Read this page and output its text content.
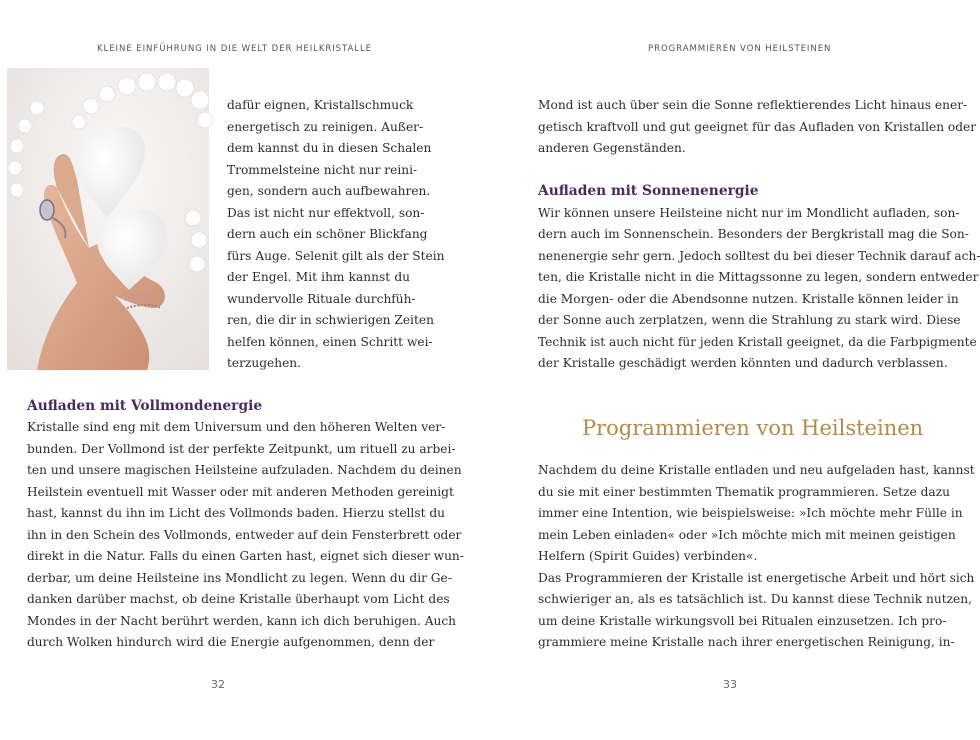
KLEINE EINFÜHRUNG IN DIE WELT DER HEILKRISTALLE
dafür eignen, Kristallschmuck
energetisch zu reinigen. Außer-
dem kannst du in diesen Schalen
Trommelsteine nicht nur reini-
gen, sondern auch aufbewahren.
Das ist nicht nur effektvoll, son-
dern auch ein schöner Blickfang
fürs Auge. Selenit gilt als der Stein
der Engel. Mit ihm kannst du
wundervolle Rituale durchfüh-
ren, die dir in schwierigen Zeiten
helfen können, einen Schritt wei-
terzugehen.
Aufladen mit Vollmondenergie
Kristalle sind eng mit dem Universum und den höheren Welten ver-
bunden. Der Vollmond ist der perfekte Zeitpunkt, um rituell zu arbei-
ten und unsere magischen Heilsteine aufzuladen. Nachdem du deinen
Heilstein eventuell mit Wasser oder mit anderen Methoden gereinigt
hast, kannst du ihn im Licht des Vollmonds baden. Hierzu stellst du
ihn in den Schein des Vollmonds, entweder auf dein Fensterbrett oder
direkt in die Natur. Falls du einen Garten hast, eignet sich dieser wun-
derbar, um deine Heilsteine ins Mondlicht zu legen. Wenn du dir Ge-
danken darüber machst, ob deine Kristalle überhaupt vom Licht des
Mondes in der Nacht berührt werden, kann ich dich beruhigen. Auch
durch Wolken hindurch wird die Energie aufgenommen, denn der
32
PROGRAMMIEREN VON HEILSTEINEN
Mond ist auch über sein die Sonne reflektierendes Licht hinaus ener-
getisch kraftvoll und gut geeignet für das Aufladen von Kristallen oder
anderen Gegenständen.
Aufladen mit Sonnenenergie
Wir können unsere Heilsteine nicht nur im Mondlicht aufladen, son-
dern auch im Sonnenschein. Besonders der Bergkristall mag die Son-
nenenergie sehr gern. Jedoch solltest du bei dieser Technik darauf ach-
ten, die Kristalle nicht in die Mittagssonne zu legen, sondern entweder
die Morgen- oder die Abendsonne nutzen. Kristalle können leider in
der Sonne auch zerplatzen, wenn die Strahlung zu stark wird. Diese
Technik ist auch nicht für jeden Kristall geeignet, da die Farbpigmente
der Kristalle geschädigt werden könnten und dadurch verblassen.
Programmieren von Heilsteinen
Nachdem du deine Kristalle entladen und neu aufgeladen hast, kannst
du sie mit einer bestimmten Thematik programmieren. Setze dazu
immer eine Intention, wie beispielsweise: »Ich möchte mehr Fülle in
mein Leben einladen« oder »Ich möchte mich mit meinen geistigen
Helfern (Spirit Guides) verbinden«.
Das Programmieren der Kristalle ist energetische Arbeit und hört sich
schwieriger an, als es tatsächlich ist. Du kannst diese Technik nutzen,
um deine Kristalle wirkungsvoll bei Ritualen einzusetzen. Ich pro-
grammiere meine Kristalle nach ihrer energetischen Reinigung, in-
33
